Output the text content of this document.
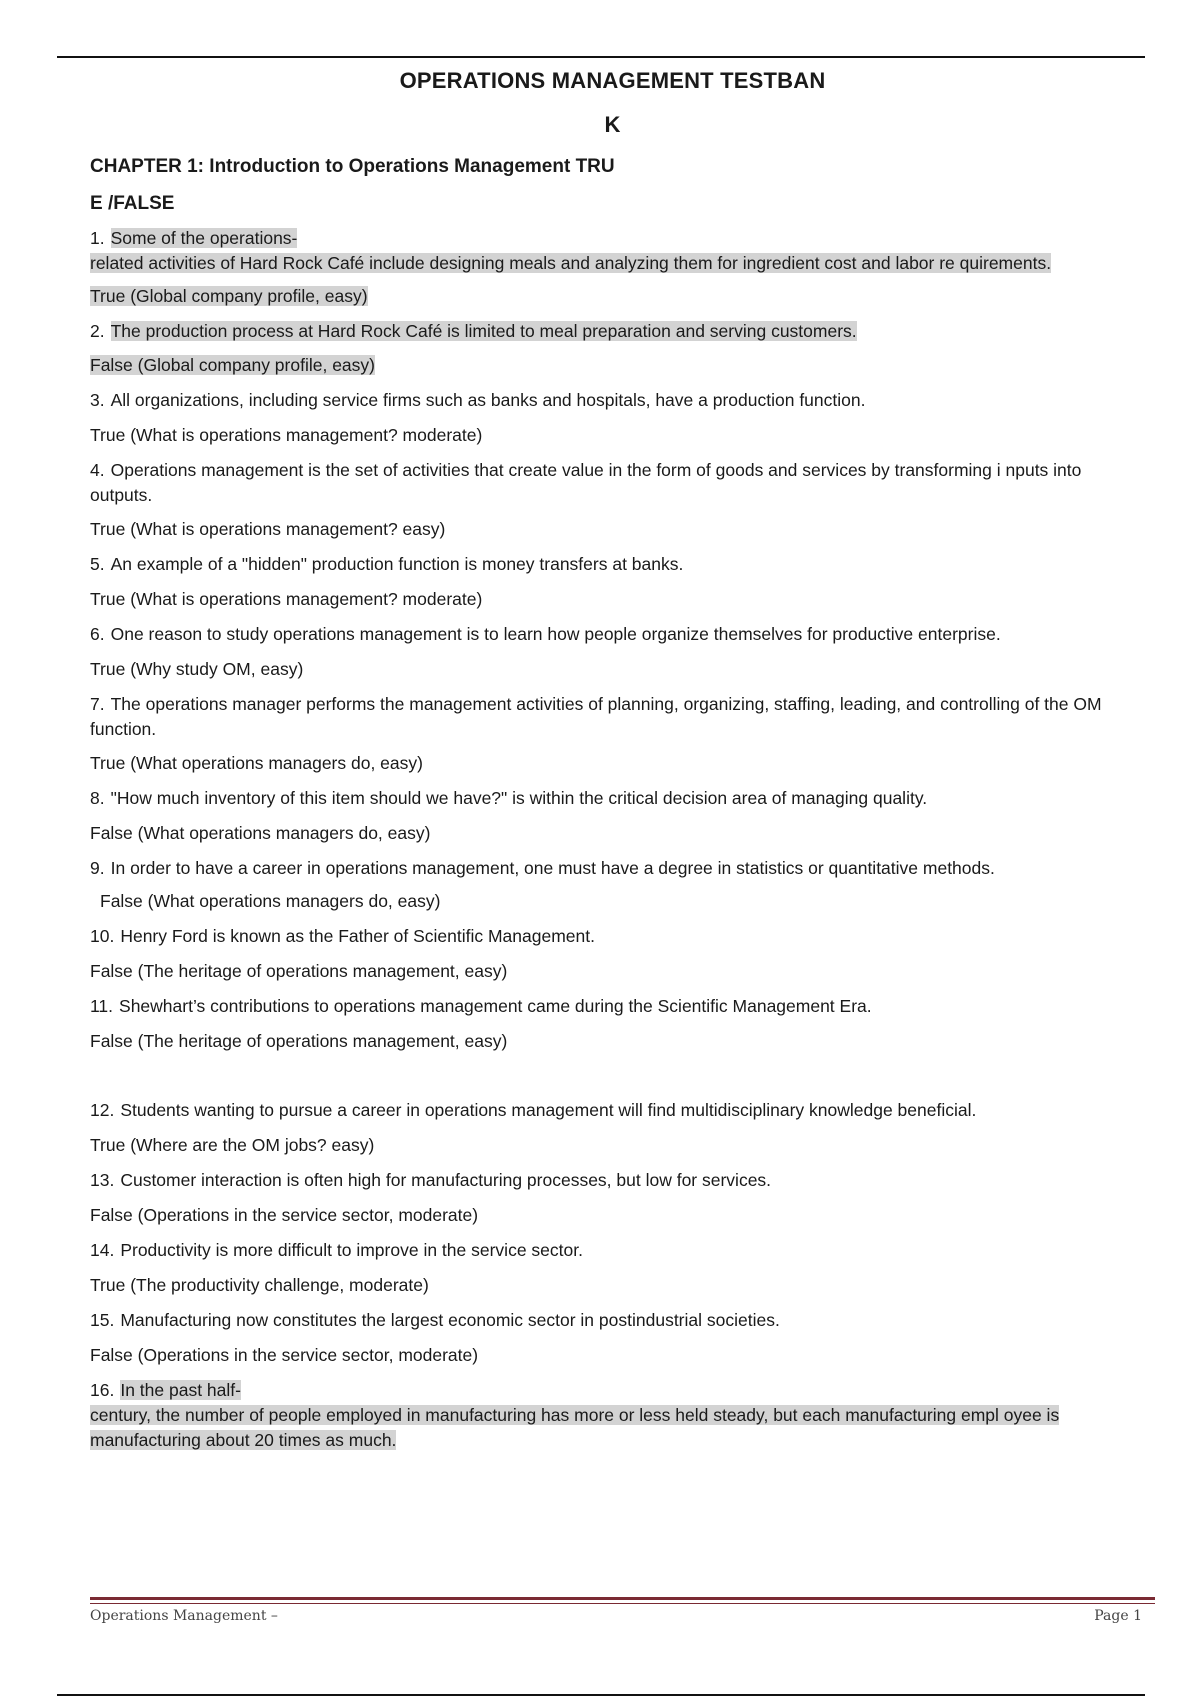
OPERATIONS MANAGEMENT TESTBAN
K
CHAPTER 1: Introduction to Operations Management TRU
E /FALSE

1. Some of the operations-
related activities of Hard Rock Café include designing meals and analyzing them for ingredient cost and labor re quirements.

True (Global company profile, easy)

2. The production process at Hard Rock Café is limited to meal preparation and serving customers.

False (Global company profile, easy)

3. All organizations, including service firms such as banks and hospitals, have a production function.

True (What is operations management? moderate)

4. Operations management is the set of activities that create value in the form of goods and services by transforming i nputs into outputs.

True (What is operations management? easy)

5. An example of a "hidden" production function is money transfers at banks.

True (What is operations management? moderate)

6. One reason to study operations management is to learn how people organize themselves for productive enterprise.

True (Why study OM, easy)

7. The operations manager performs the management activities of planning, organizing, staffing, leading, and controlling of the OM function.

True (What operations managers do, easy)

8. "How much inventory of this item should we have?" is within the critical decision area of managing quality.

False (What operations managers do, easy)

9. In order to have a career in operations management, one must have a degree in statistics or quantitative methods.

False (What operations managers do, easy)

10. Henry Ford is known as the Father of Scientific Management.

False (The heritage of operations management, easy)

11. Shewhart’s contributions to operations management came during the Scientific Management Era.

False (The heritage of operations management, easy)

12. Students wanting to pursue a career in operations management will find multidisciplinary knowledge beneficial.

True (Where are the OM jobs? easy)

13. Customer interaction is often high for manufacturing processes, but low for services.

False (Operations in the service sector, moderate)

14. Productivity is more difficult to improve in the service sector.

True (The productivity challenge, moderate)

15. Manufacturing now constitutes the largest economic sector in postindustrial societies.

False (Operations in the service sector, moderate)

16. In the past half-
century, the number of people employed in manufacturing has more or less held steady, but each manufacturing empl oyee is manufacturing about 20 times as much.

Operations Management –	Page 1
